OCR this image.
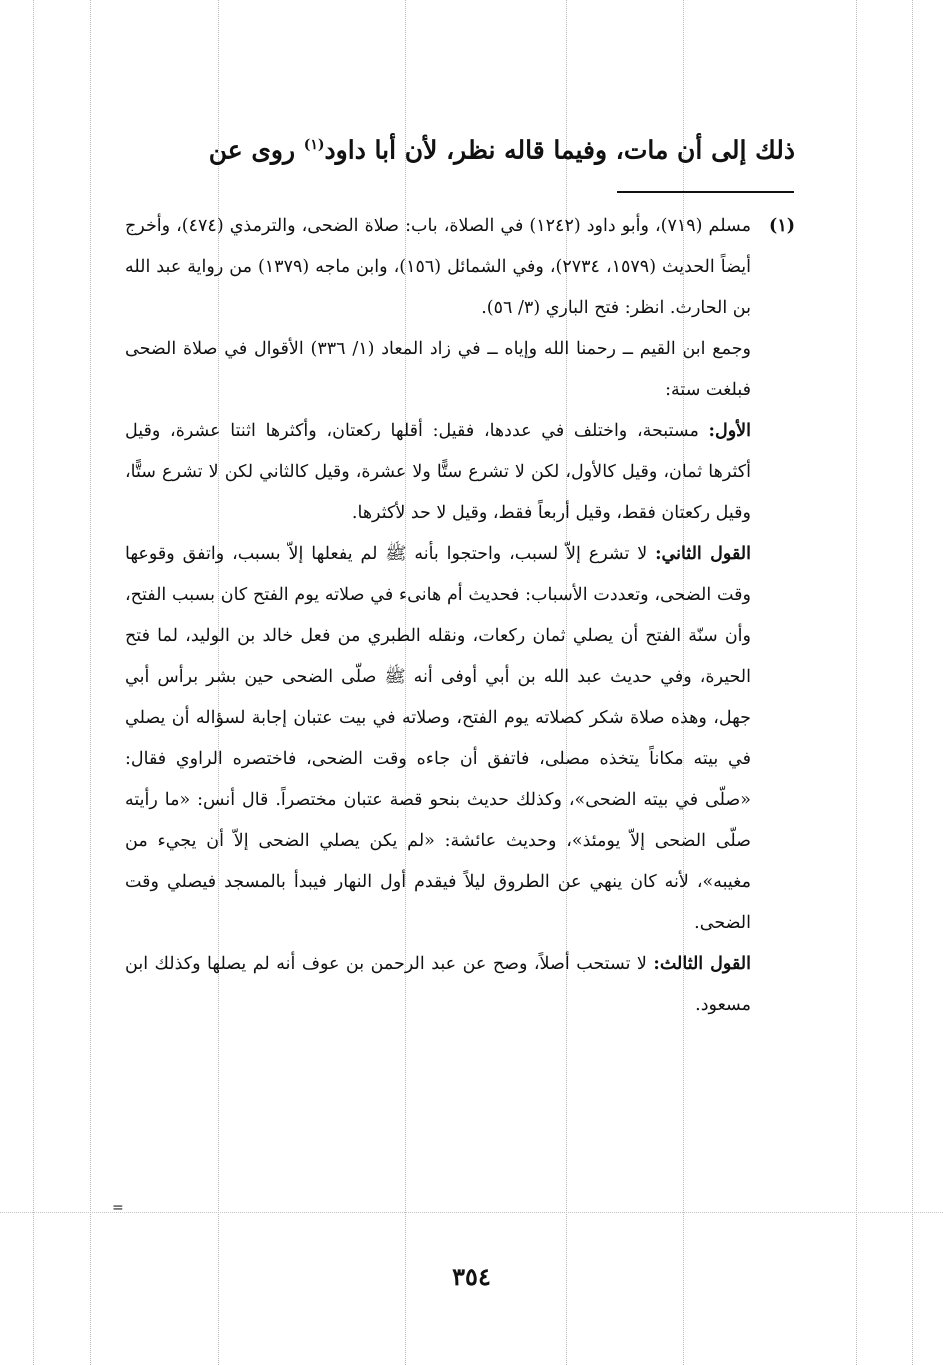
ذلك إلى أن مات، وفيما قاله نظر، لأن أبا داود$^{(١)}$ روى عن
(١)

مسلم (٧١٩)، وأبو داود (١٢٤٢) في الصلاة، باب: صلاة الضحى، والترمذي (٤٧٤)، وأخرج أيضاً الحديث (١٥٧٩، ٢٧٣٤)، وفي الشمائل (١٥٦)، وابن ماجه (١٣٧٩) من رواية عبد الله بن الحارث. انظر: فتح الباري (٣/ ٥٦).

وجمع ابن القيم ــ رحمنا الله وإياه ــ في زاد المعاد (١/ ٣٣٦) الأقوال في صلاة الضحى فبلغت ستة:

الأول: مستبحة، واختلف في عددها، فقيل: أقلها ركعتان، وأكثرها اثنتا عشرة، وقيل أكثرها ثمان، وقيل كالأول، لكن لا تشرع ستًّا ولا عشرة، وقيل كالثاني لكن لا تشرع ستًّا، وقيل ركعتان فقط، وقيل أربعاً فقط، وقيل لا حد لأكثرها.

القول الثاني: لا تشرع إلاّ لسبب، واحتجوا بأنه ﷺ لم يفعلها إلاّ بسبب، واتفق وقوعها وقت الضحى، وتعددت الأسباب: فحديث أم هانىء في صلاته يوم الفتح كان بسبب الفتح، وأن سنّة الفتح أن يصلي ثمان ركعات، ونقله الطبري من فعل خالد بن الوليد، لما فتح الحيرة، وفي حديث عبد الله بن أبي أوفى أنه ﷺ صلّى الضحى حين بشر برأس أبي جهل، وهذه صلاة شكر كصلاته يوم الفتح، وصلاته في بيت عتبان إجابة لسؤاله أن يصلي في بيته مكاناً يتخذه مصلى، فاتفق أن جاءه وقت الضحى، فاختصره الراوي فقال: «صلّى في بيته الضحى»، وكذلك حديث بنحو قصة عتبان مختصراً. قال أنس: «ما رأيته صلّى الضحى إلاّ يومئذ»، وحديث عائشة: «لم يكن يصلي الضحى إلاّ أن يجيء من مغيبه»، لأنه كان ينهي عن الطروق ليلاً فيقدم أول النهار فيبدأ بالمسجد فيصلي وقت الضحى.

القول الثالث: لا تستحب أصلاً، وصح عن عبد الرحمن بن عوف أنه لم يصلها وكذلك ابن مسعود.

=
٣٥٤
